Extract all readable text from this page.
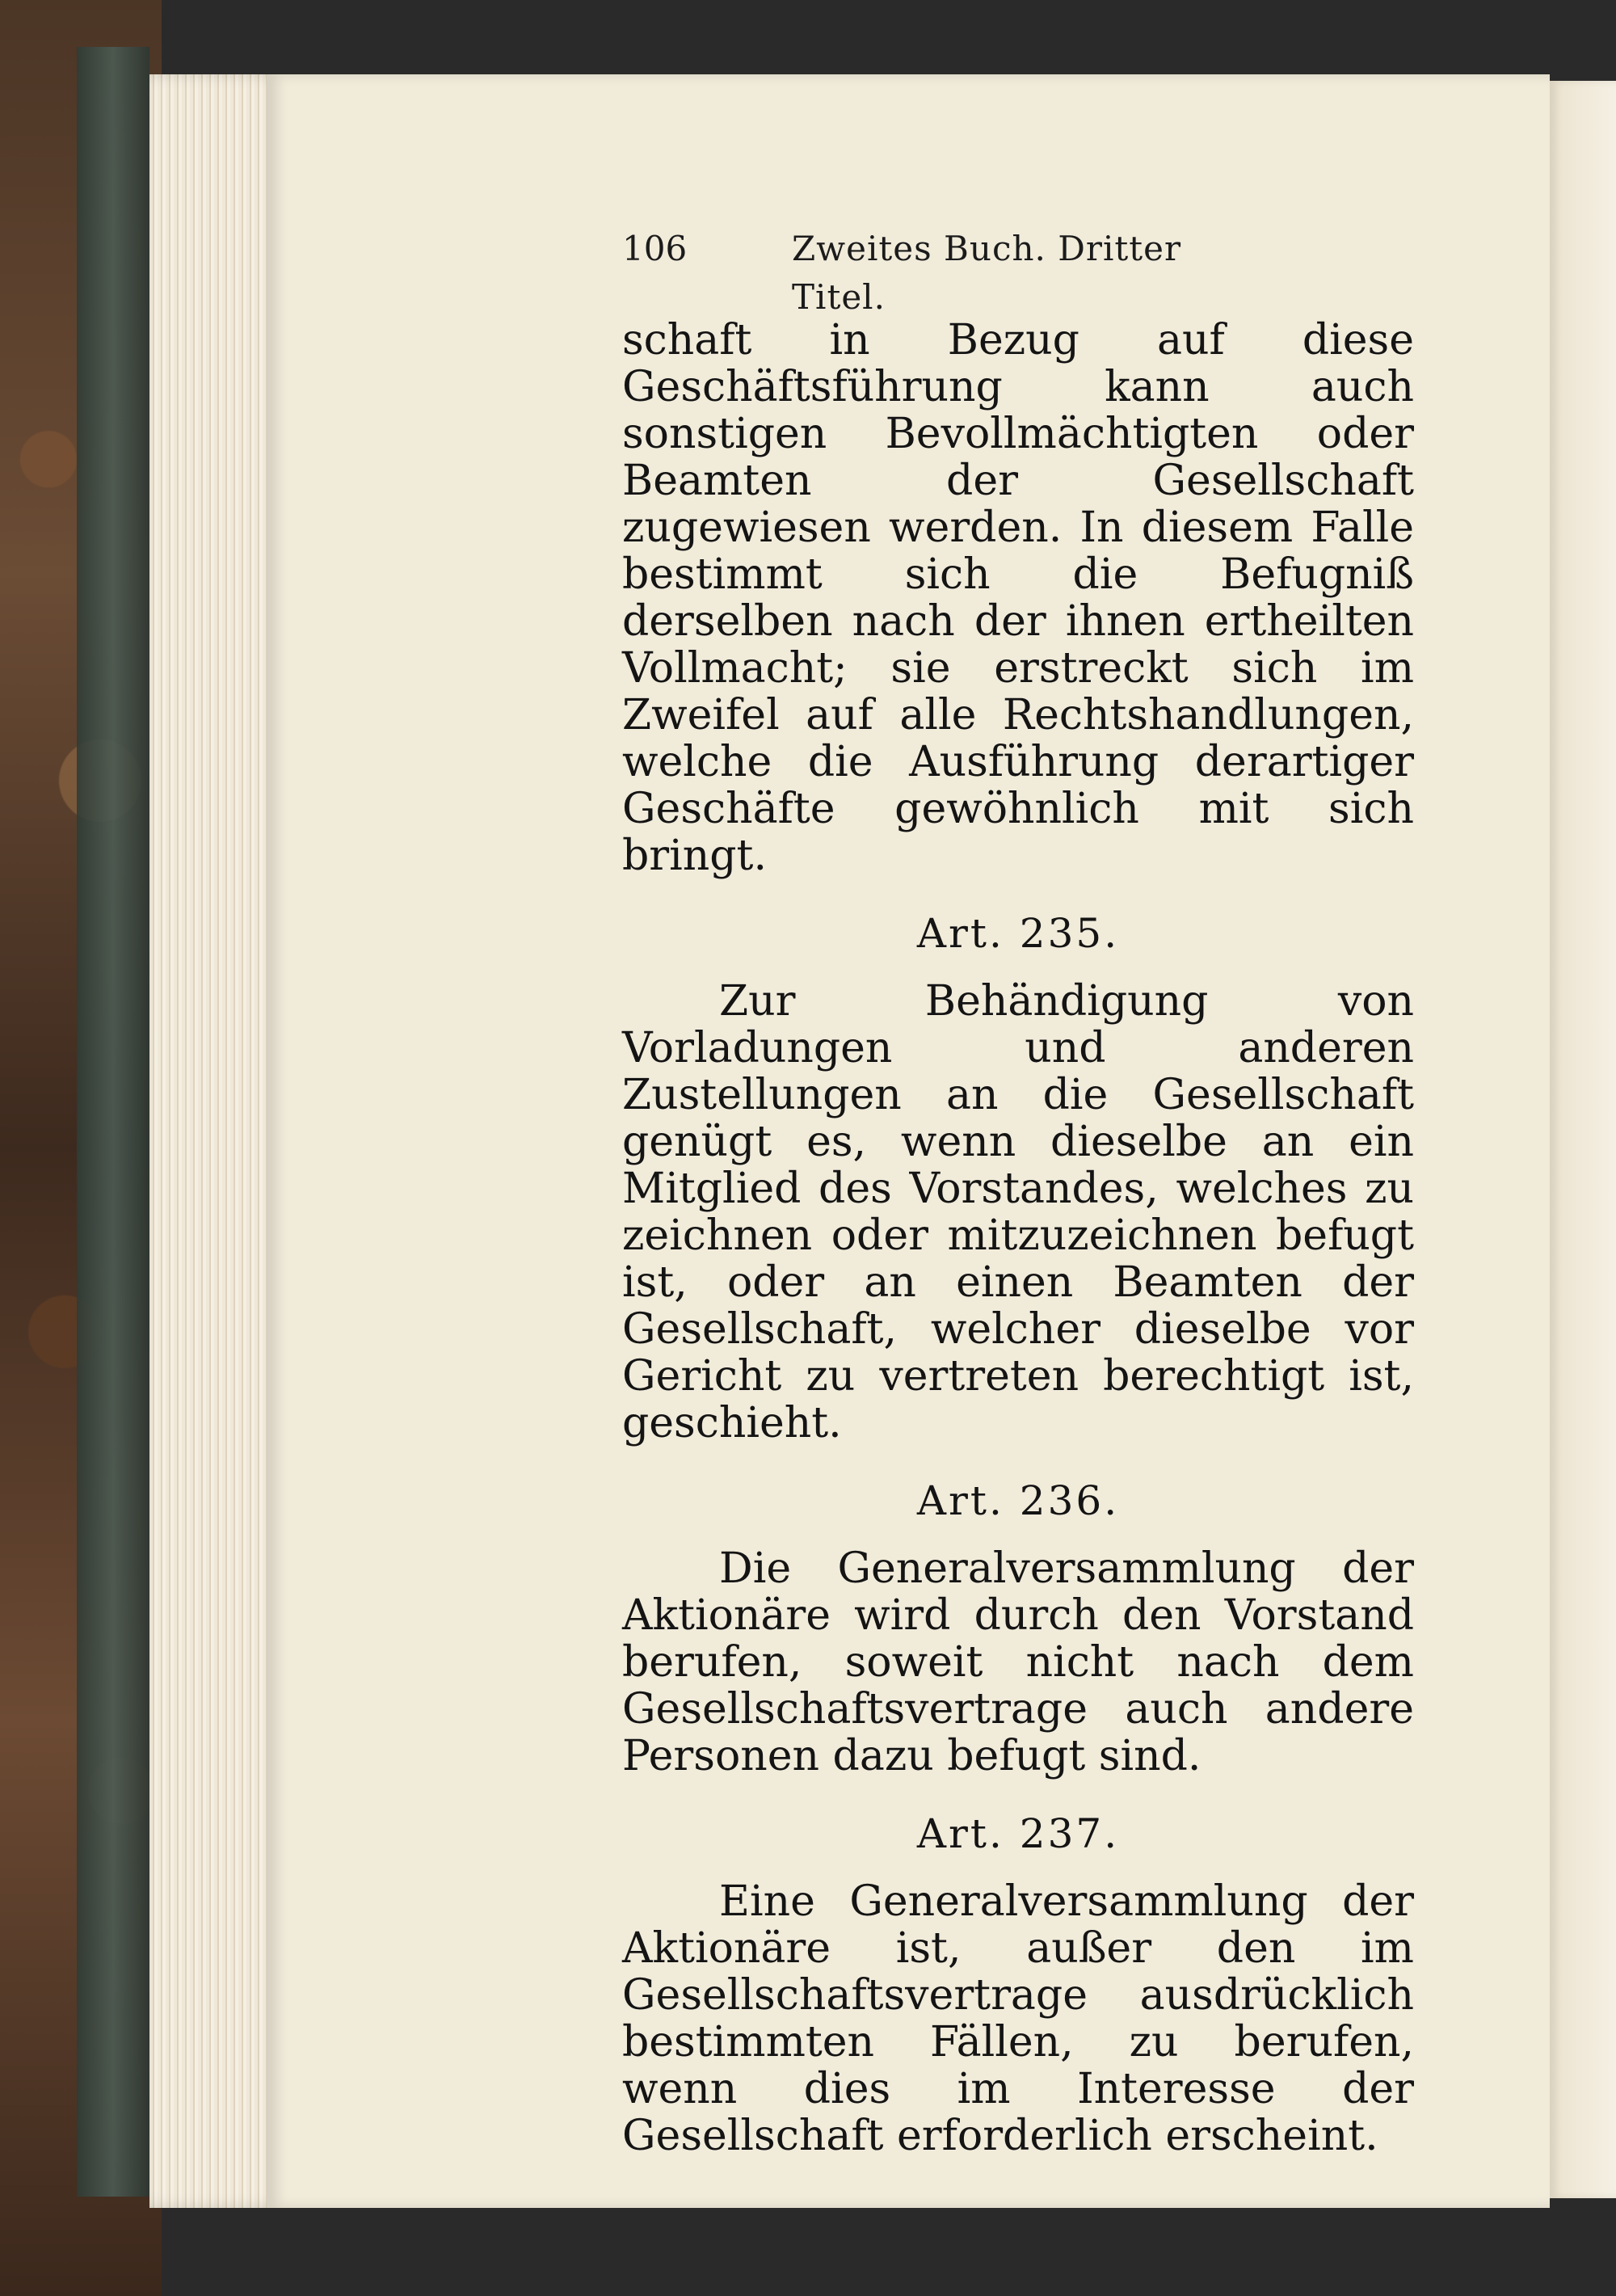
106	Zweites Buch. Dritter Titel.

schaft in Bezug auf diese Geschäftsführung kann auch sonstigen Bevollmächtigten oder Beamten der Gesellschaft zugewiesen werden. In diesem Falle bestimmt sich die Befugniß derselben nach der ihnen ertheilten Vollmacht; sie erstreckt sich im Zweifel auf alle Rechtshandlungen, welche die Ausführung derartiger Geschäfte gewöhnlich mit sich bringt.

Art. 235.

Zur Behändigung von Vorladungen und anderen Zustellungen an die Gesellschaft genügt es, wenn dieselbe an ein Mitglied des Vorstandes, welches zu zeichnen oder mitzuzeichnen befugt ist, oder an einen Beamten der Gesellschaft, welcher dieselbe vor Gericht zu vertreten berechtigt ist, geschieht.

Art. 236.

Die Generalversammlung der Aktionäre wird durch den Vorstand berufen, soweit nicht nach dem Gesellschaftsvertrage auch andere Personen dazu befugt sind.

Art. 237.

Eine Generalversammlung der Aktionäre ist, außer den im Gesellschaftsvertrage ausdrücklich bestimmten Fällen, zu berufen, wenn dies im Interesse der Gesellschaft erforderlich erscheint.
